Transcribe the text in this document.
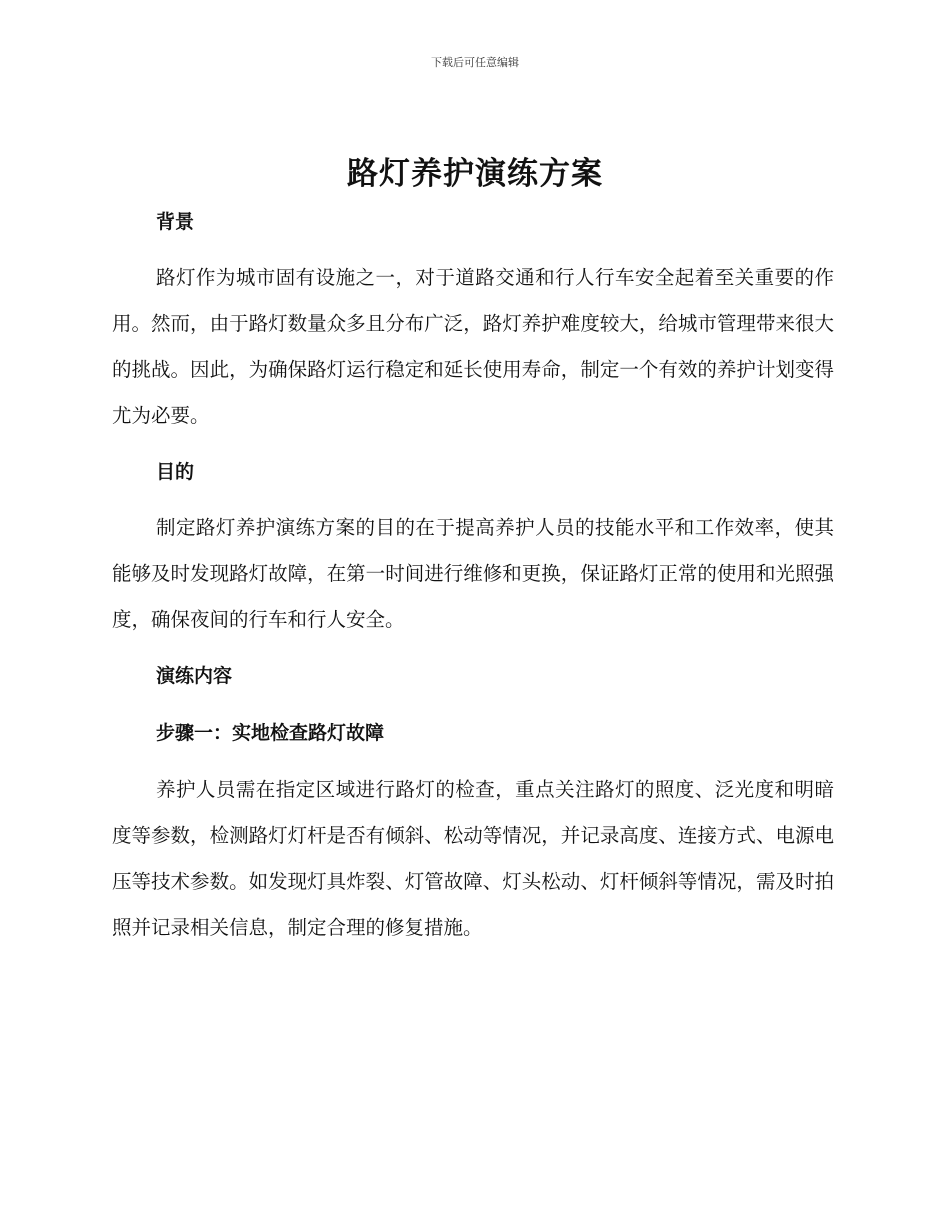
下载后可任意编辑
路灯养护演练方案
背景

路灯作为城市固有设施之一，对于道路交通和行人行车安全起着至关重要的作用。然而，由于路灯数量众多且分布广泛，路灯养护难度较大，给城市管理带来很大的挑战。因此，为确保路灯运行稳定和延长使用寿命，制定一个有效的养护计划变得尤为必要。

目的

制定路灯养护演练方案的目的在于提高养护人员的技能水平和工作效率，使其能够及时发现路灯故障，在第一时间进行维修和更换，保证路灯正常的使用和光照强度，确保夜间的行车和行人安全。

演练内容
步骤一：实地检查路灯故障

养护人员需在指定区域进行路灯的检查，重点关注路灯的照度、泛光度和明暗度等参数，检测路灯灯杆是否有倾斜、松动等情况，并记录高度、连接方式、电源电压等技术参数。如发现灯具炸裂、灯管故障、灯头松动、灯杆倾斜等情况，需及时拍照并记录相关信息，制定合理的修复措施。
